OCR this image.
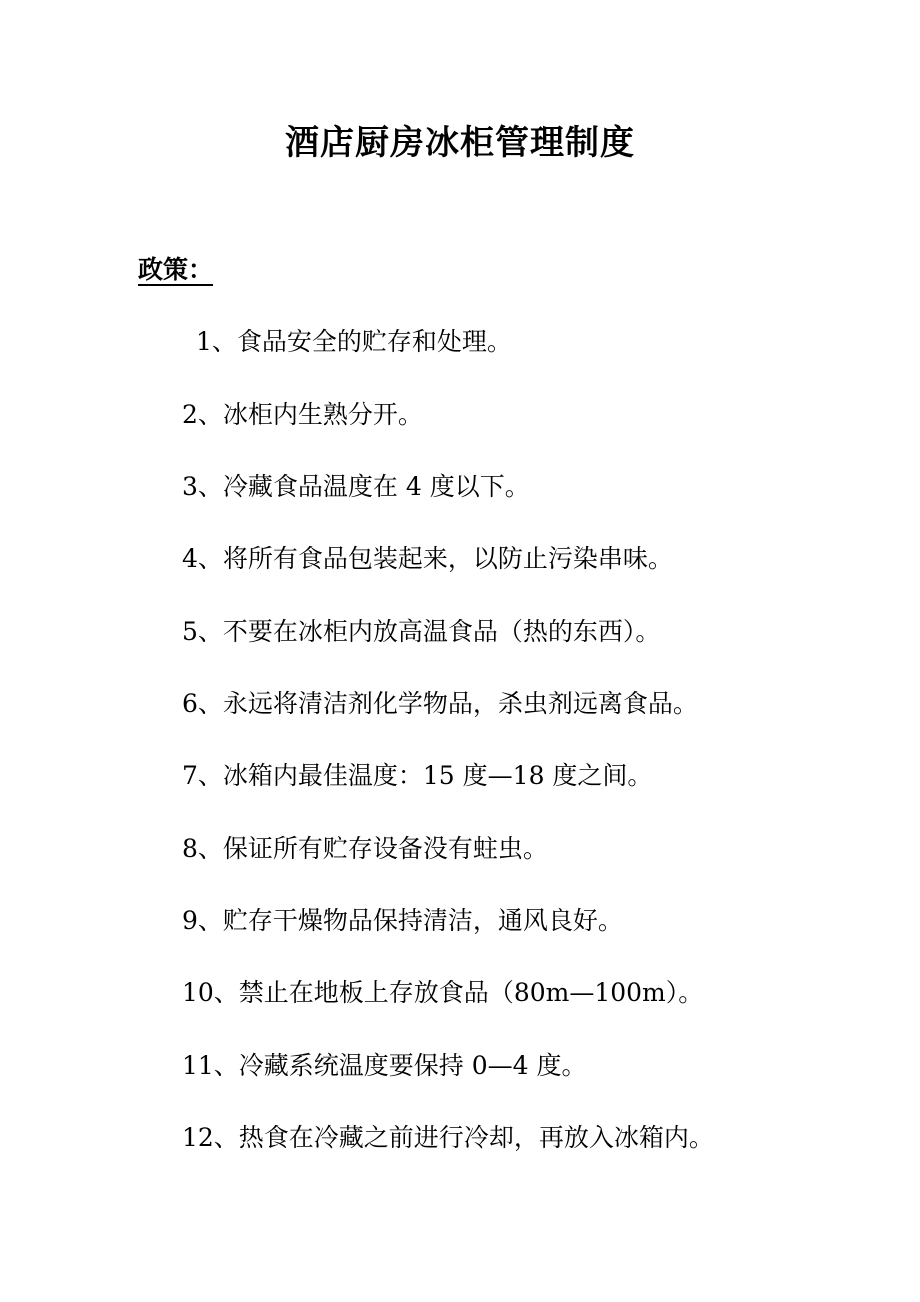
酒店厨房冰柜管理制度
政策：
1、食品安全的贮存和处理。
2、冰柜内生熟分开。
3、冷藏食品温度在 4 度以下。
4、将所有食品包装起来，以防止污染串味。
5、不要在冰柜内放高温食品（热的东西）。
6、永远将清洁剂化学物品，杀虫剂远离食品。
7、冰箱内最佳温度：15 度—18 度之间。
8、保证所有贮存设备没有蛀虫。
9、贮存干燥物品保持清洁，通风良好。
10、禁止在地板上存放食品（80m—100m）。
11、冷藏系统温度要保持 0—4 度。
12、热食在冷藏之前进行冷却，再放入冰箱内。
